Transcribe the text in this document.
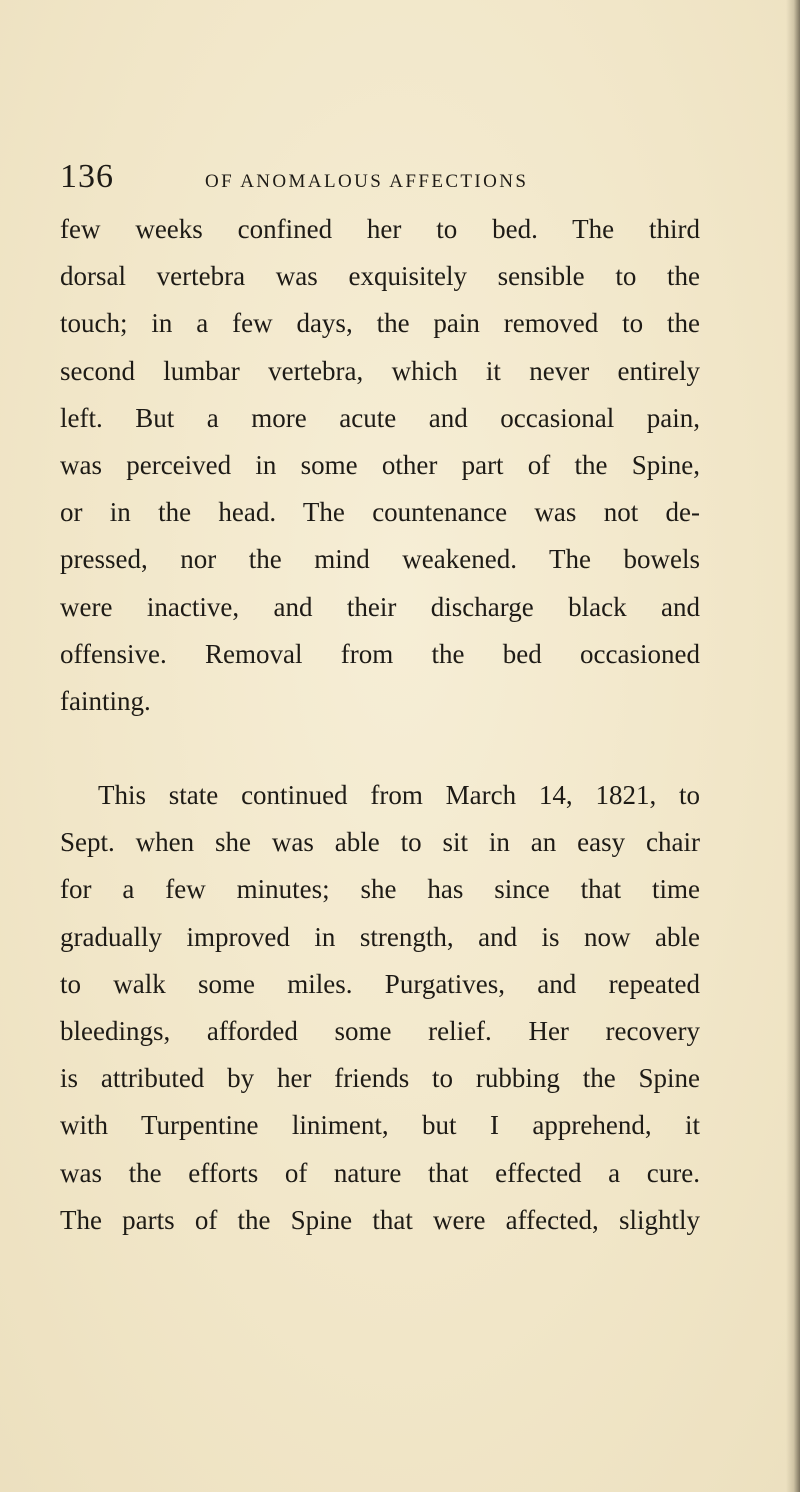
136	OF ANOMALOUS AFFECTIONS
few weeks confined her to bed. The third
dorsal vertebra was exquisitely sensible to the
touch; in a few days, the pain removed to the
second lumbar vertebra, which it never entirely
left. But a more acute and occasional pain,
was perceived in some other part of the Spine,
or in the head. The countenance was not de-
pressed, nor the mind weakened. The bowels
were inactive, and their discharge black and
offensive. Removal from the bed occasioned
fainting.
This state continued from March 14, 1821, to
Sept. when she was able to sit in an easy chair
for a few minutes; she has since that time
gradually improved in strength, and is now able
to walk some miles. Purgatives, and repeated
bleedings, afforded some relief. Her recovery
is attributed by her friends to rubbing the Spine
with Turpentine liniment, but I apprehend, it
was the efforts of nature that effected a cure.
The parts of the Spine that were affected, slightly
